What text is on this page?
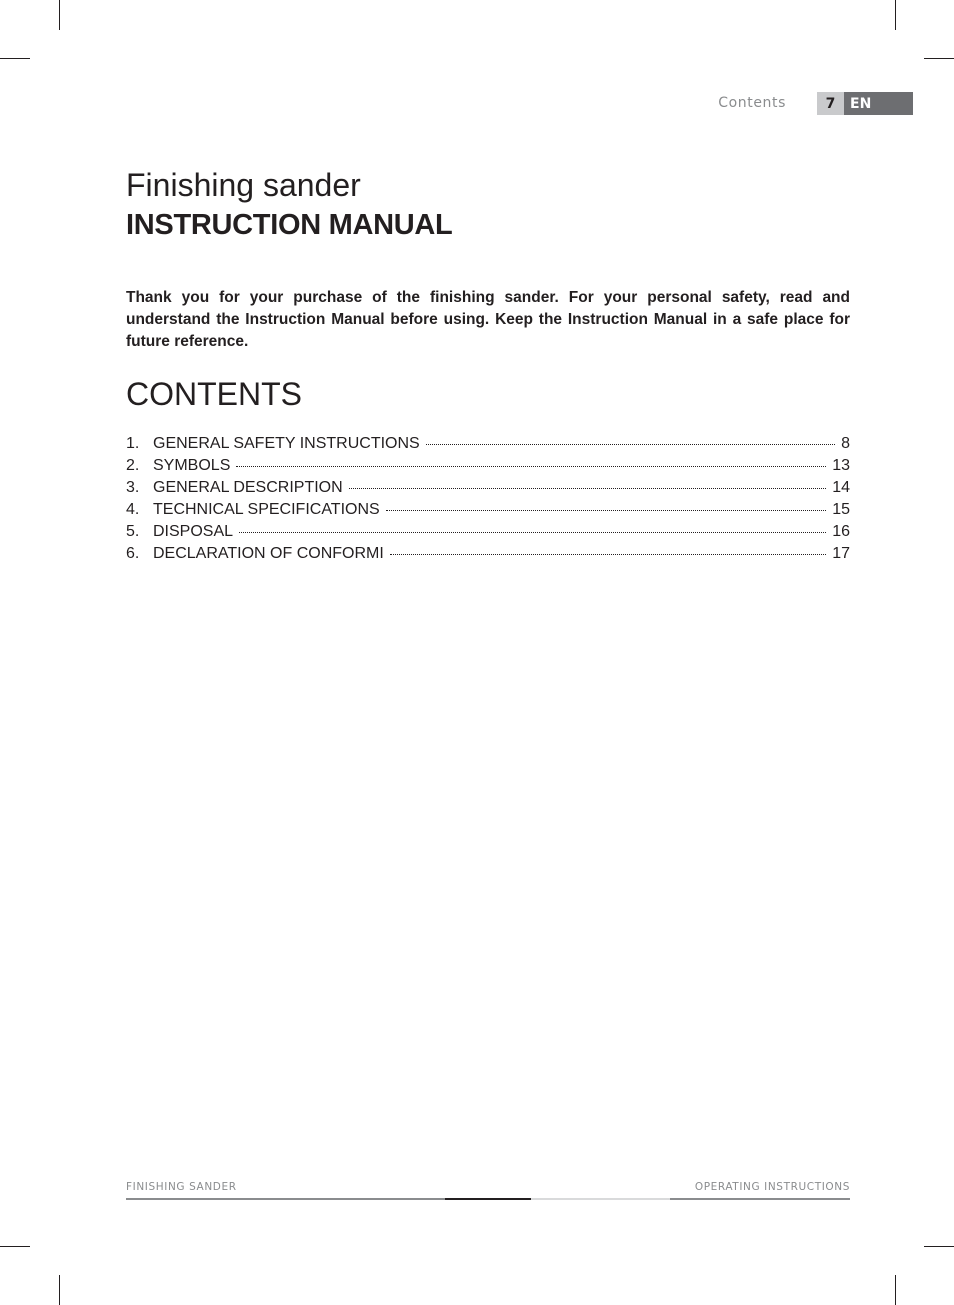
Contents	7	EN
Finishing sander
INSTRUCTION MANUAL

Thank you for your purchase of the finishing sander. For your personal safety, read and understand the Instruction Manual before using. Keep the Instruction Manual in a safe place for future reference.

CONTENTS
1. GENERAL SAFETY INSTRUCTIONS	8
2. SYMBOLS	13
3. GENERAL DESCRIPTION	14
4. TECHNICAL SPECIFICATIONS	15
5. DISPOSAL	16
6. DECLARATION OF CONFORMI	17
FINISHING SANDER	OPERATING INSTRUCTIONS
